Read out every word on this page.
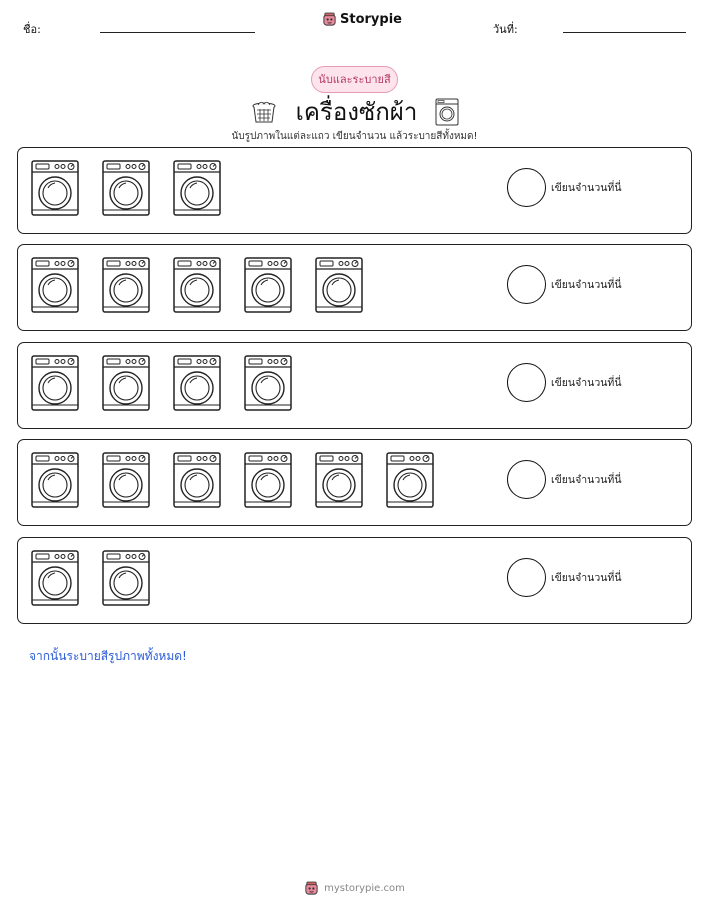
ชื่อ:
Storypie
วันที่:
นับและระบายสี
เครื่องซักผ้า
นับรูปภาพในแต่ละแถว เขียนจำนวน แล้วระบายสีทั้งหมด!
เขียนจำนวนที่นี่
เขียนจำนวนที่นี่
เขียนจำนวนที่นี่
เขียนจำนวนที่นี่
เขียนจำนวนที่นี่
จากนั้นระบายสีรูปภาพทั้งหมด!
mystorypie.com
